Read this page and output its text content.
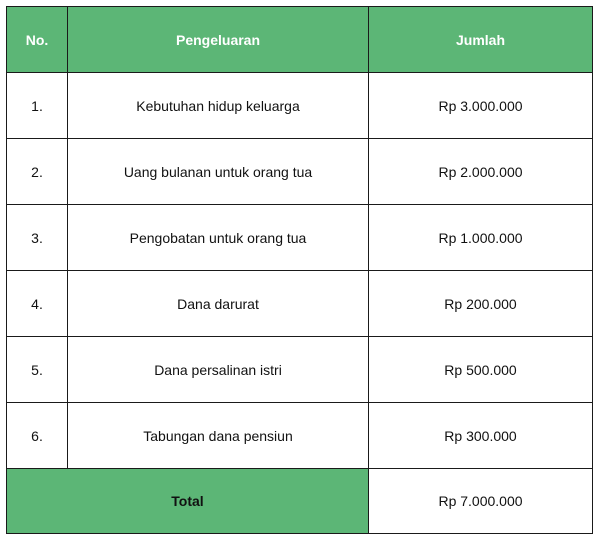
No.	Pengeluaran	Jumlah
1.	Kebutuhan hidup keluarga	Rp 3.000.000
2.	Uang bulanan untuk orang tua	Rp 2.000.000
3.	Pengobatan untuk orang tua	Rp 1.000.000
4.	Dana darurat	Rp 200.000
5.	Dana persalinan istri	Rp 500.000
6.	Tabungan dana pensiun	Rp 300.000
Total		Rp 7.000.000
